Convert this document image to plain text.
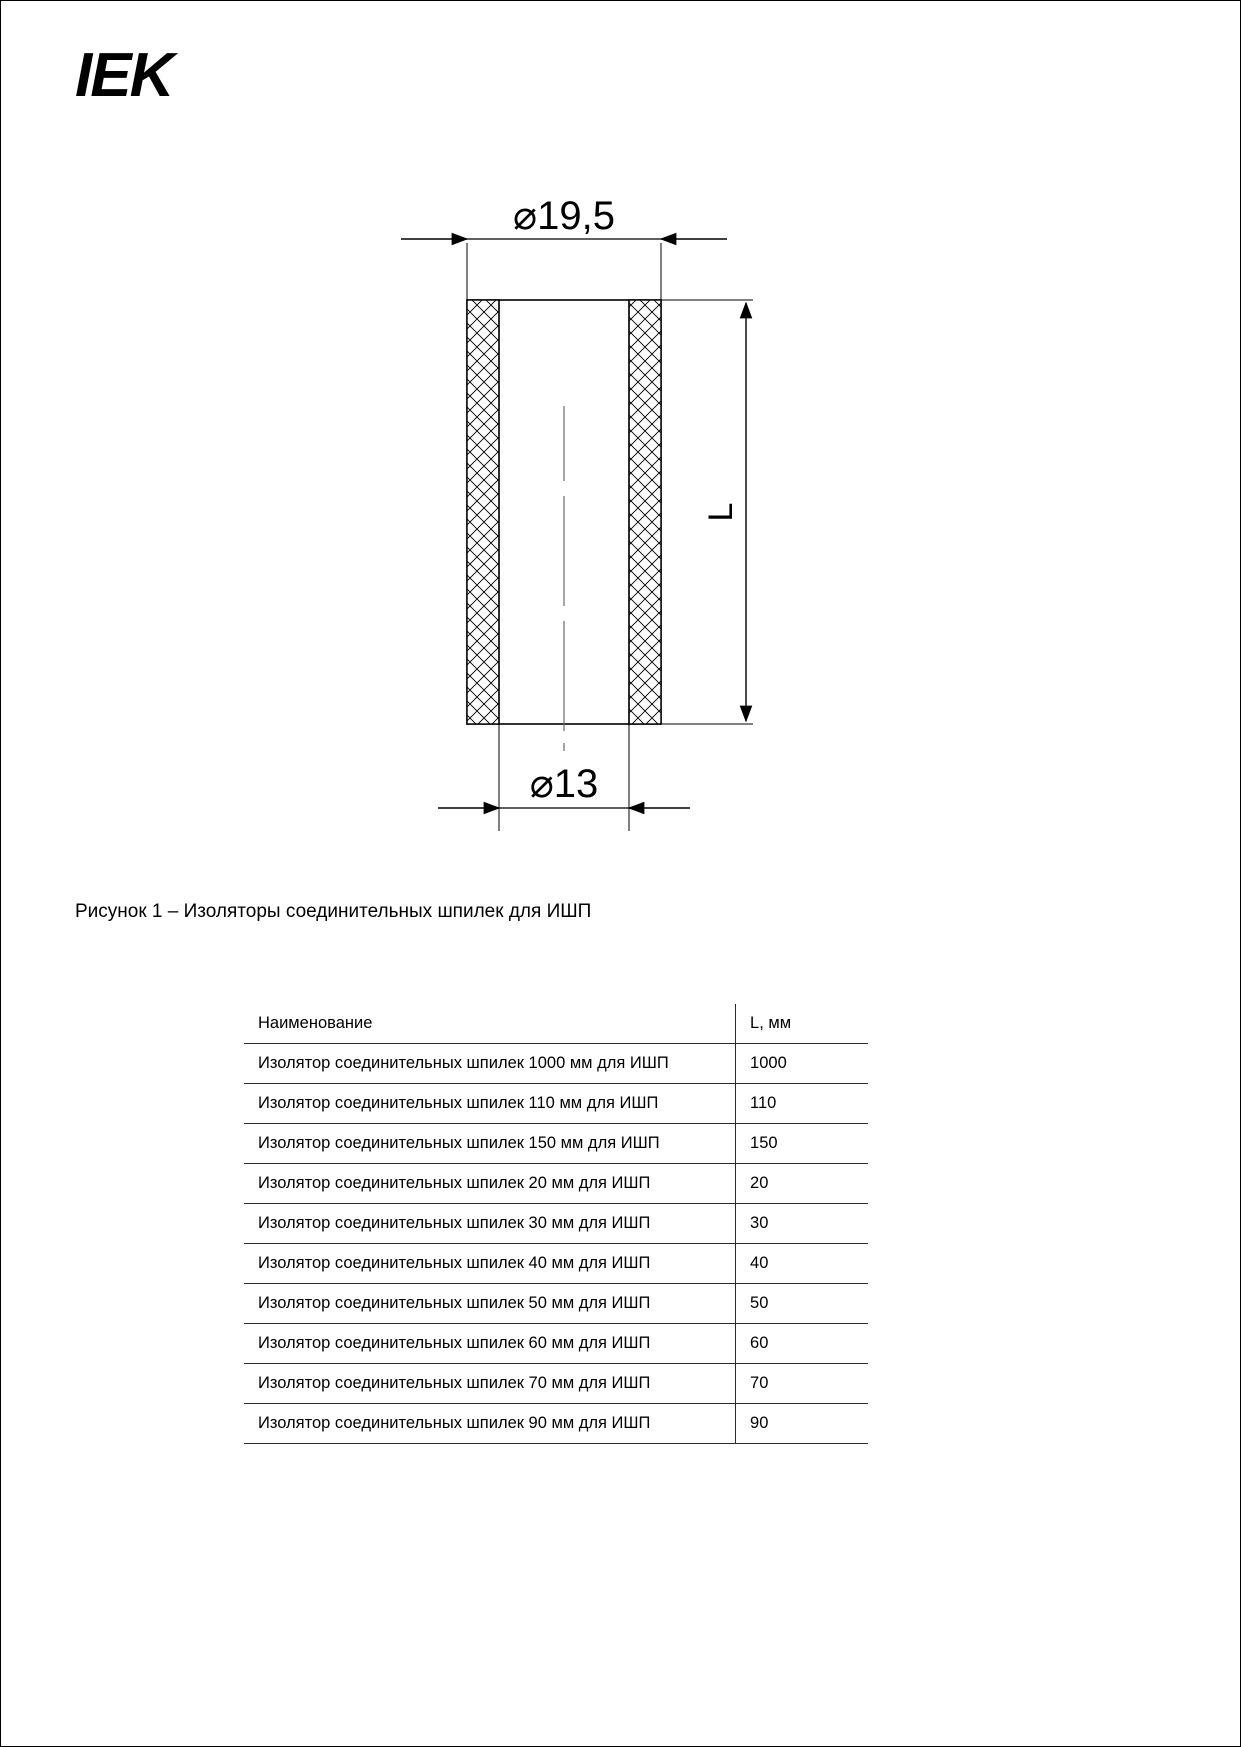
IEK
⌀19,5
L
⌀13
Рисунок 1 – Изоляторы соединительных шпилек для ИШП
Наименование	L, мм
Изолятор соединительных шпилек 1000 мм для ИШП	1000
Изолятор соединительных шпилек 110 мм для ИШП	110
Изолятор соединительных шпилек 150 мм для ИШП	150
Изолятор соединительных шпилек 20 мм для ИШП	20
Изолятор соединительных шпилек 30 мм для ИШП	30
Изолятор соединительных шпилек 40 мм для ИШП	40
Изолятор соединительных шпилек 50 мм для ИШП	50
Изолятор соединительных шпилек 60 мм для ИШП	60
Изолятор соединительных шпилек 70 мм для ИШП	70
Изолятор соединительных шпилек 90 мм для ИШП	90
